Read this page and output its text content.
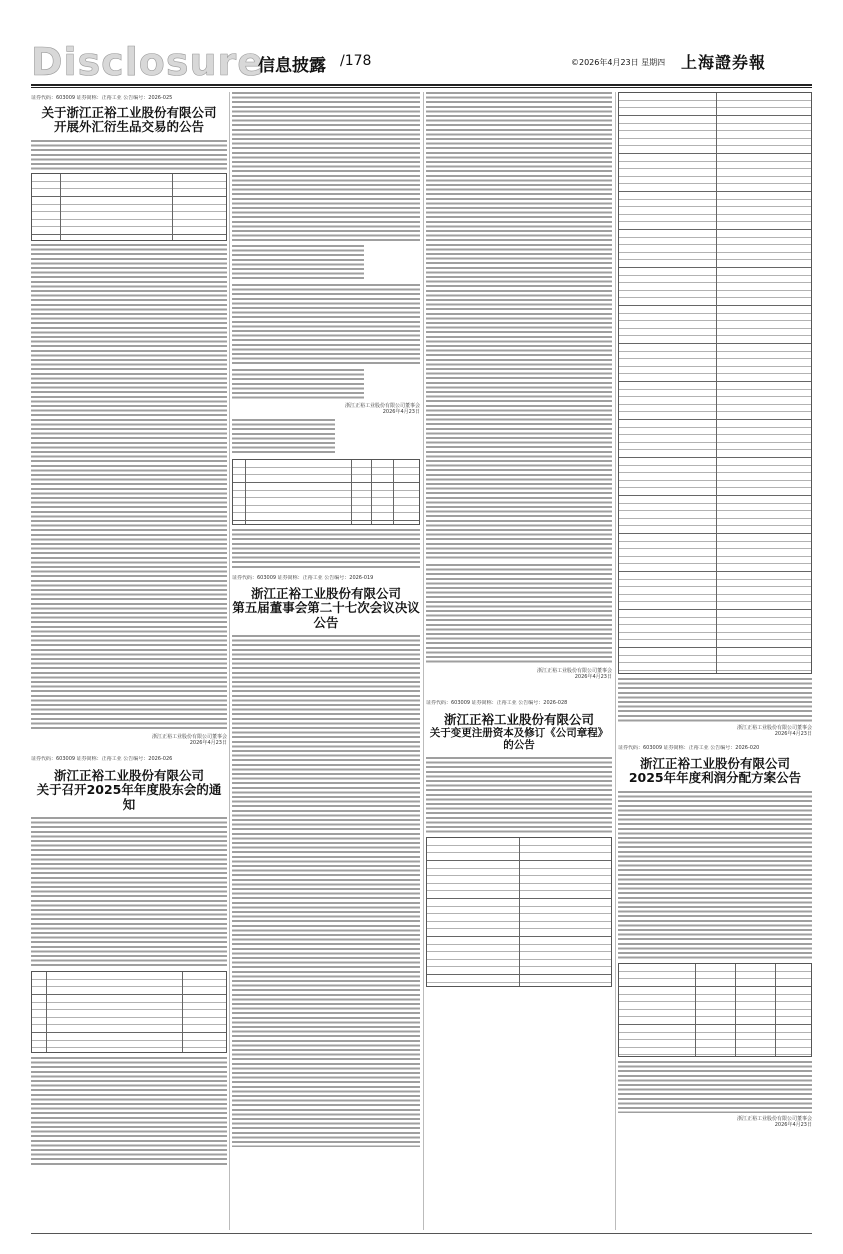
Disclosure
信息披露 /178	©2026年4月23日 星期四 上海證券報
证券代码：603009 证券简称：正裕工业 公告编号：2026-025
关于浙江正裕工业股份有限公司
开展外汇衍生品交易的公告
浙江正裕工业股份有限公司董事会
2026年4月23日
证券代码：603009 证券简称：正裕工业 公告编号：2026-026
浙江正裕工业股份有限公司
关于召开2025年年度股东会的通知
浙江正裕工业股份有限公司董事会
2026年4月23日
证券代码：603009 证券简称：正裕工业 公告编号：2026-019
浙江正裕工业股份有限公司
第五届董事会第二十七次会议决议公告
浙江正裕工业股份有限公司董事会
2026年4月23日
证券代码：603009 证券简称：正裕工业 公告编号：2026-028
浙江正裕工业股份有限公司
关于变更注册资本及修订《公司章程》的公告
浙江正裕工业股份有限公司董事会
2026年4月23日
证券代码：603009 证券简称：正裕工业 公告编号：2026-020
浙江正裕工业股份有限公司
2025年年度利润分配方案公告
浙江正裕工业股份有限公司董事会
2026年4月23日
